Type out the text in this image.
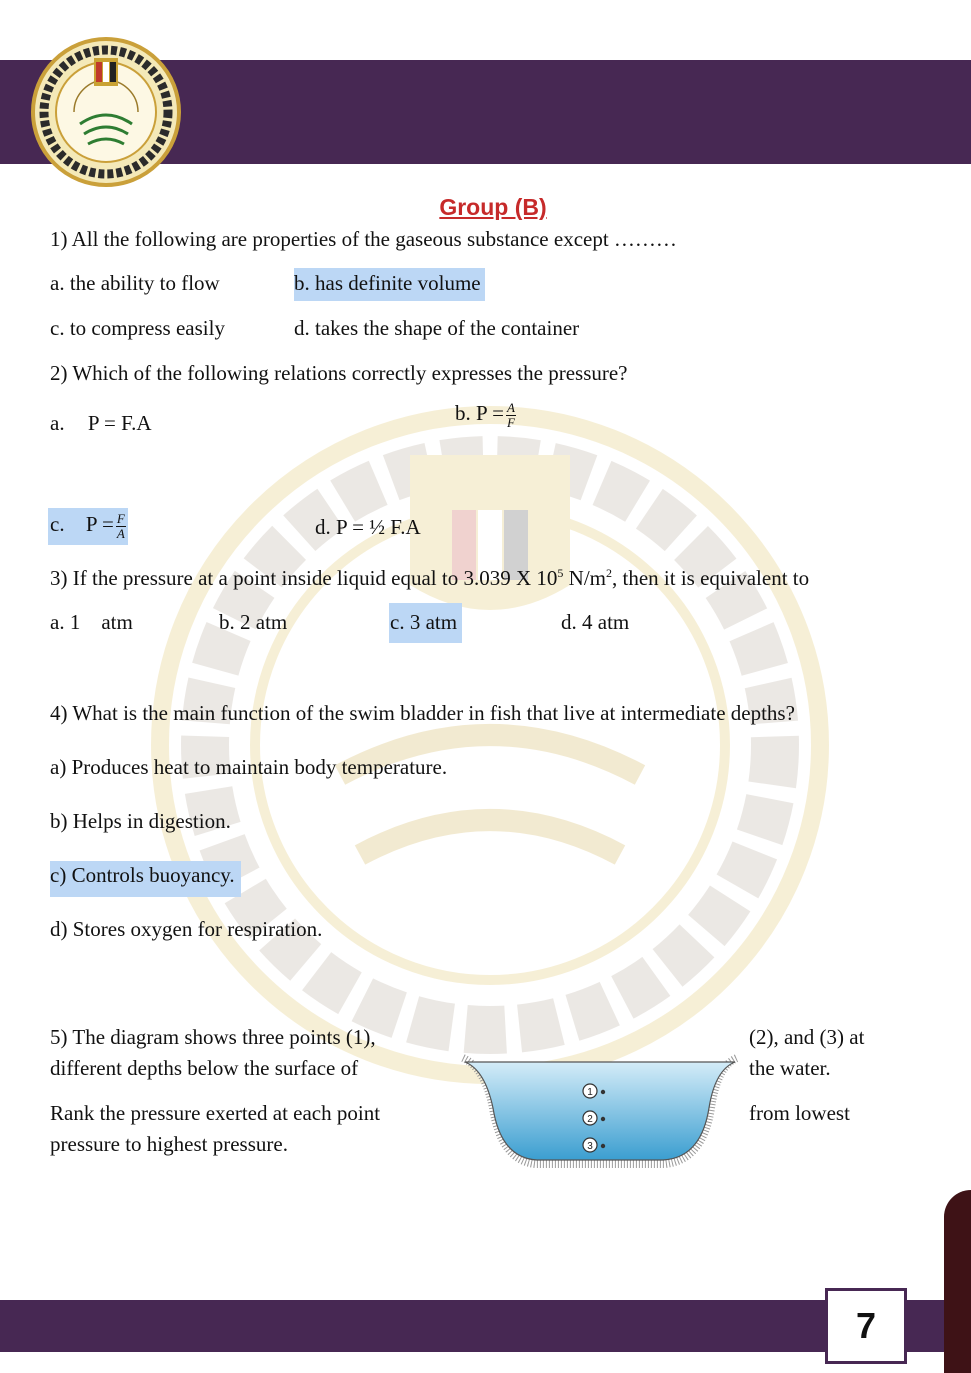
Group (B)
1) All the following are properties of the gaseous substance except ………
a. the ability to flow	b. has definite volume
c. to compress easily	d. takes the shape of the container
2) Which of the following relations correctly expresses the pressure?
a. P = F.A	b. $P = \frac{A}{F}$
c. $P = \frac{F}{A}$	d. P = ½ F.A
3) If the pressure at a point inside liquid equal to 3.039 X $10^5$ $N/m^2$, then it is equivalent to
a. 1    atm	b. 2 atm	c. 3 atm	d. 4 atm
4) What is the main function of the swim bladder in fish that live at intermediate depths?
a) Produces heat to maintain body temperature.
b) Helps in digestion.
c) Controls buoyancy.
d) Stores oxygen for respiration.
5) The diagram shows three points (1),	(2), and (3) at
different depths below the surface of	the water.
Rank the pressure exerted at each point	from lowest
pressure to highest pressure.
1
2
3
7
